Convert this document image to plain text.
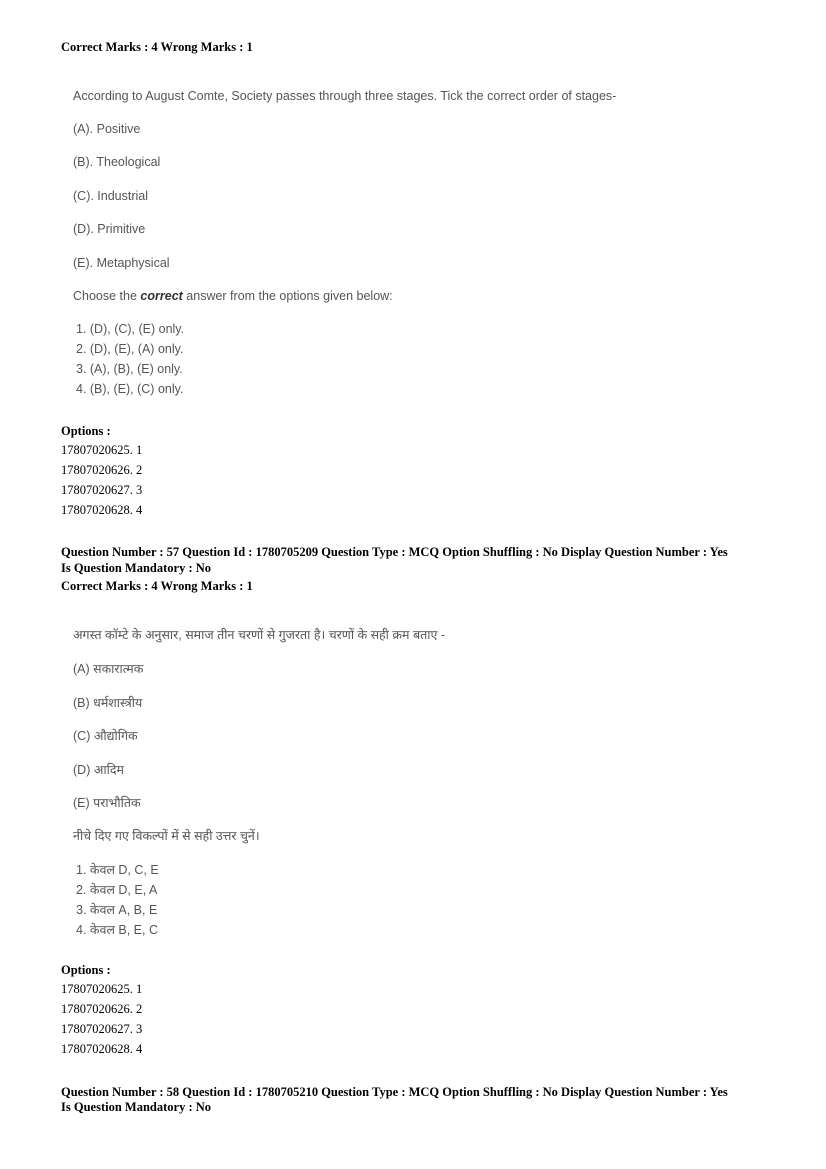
Correct Marks : 4 Wrong Marks : 1
According to August Comte, Society passes through three stages. Tick the correct order of stages-
(A). Positive
(B). Theological
(C). Industrial
(D). Primitive
(E). Metaphysical
Choose the correct answer from the options given below:
1. (D), (C), (E) only.
2. (D), (E), (A) only.
3. (A), (B), (E) only.
4. (B), (E), (C) only.
Options :
17807020625. 1
17807020626. 2
17807020627. 3
17807020628. 4
Question Number : 57 Question Id : 1780705209 Question Type : MCQ Option Shuffling : No Display Question Number : Yes
Is Question Mandatory : No
Correct Marks : 4 Wrong Marks : 1
अगस्त कॉम्टे के अनुसार, समाज तीन चरणों से गुजरता है। चरणों के सही क्रम बताए -
(A) सकारात्मक
(B) धर्मशास्त्रीय
(C) औद्योगिक
(D) आदिम
(E) पराभौतिक
नीचे दिए गए विकल्पों में से सही उत्तर चुनें।
1. केवल D, C, E
2. केवल D, E, A
3. केवल A, B, E
4. केवल B, E, C
Options :
17807020625. 1
17807020626. 2
17807020627. 3
17807020628. 4
Question Number : 58 Question Id : 1780705210 Question Type : MCQ Option Shuffling : No Display Question Number : Yes
Is Question Mandatory : No
